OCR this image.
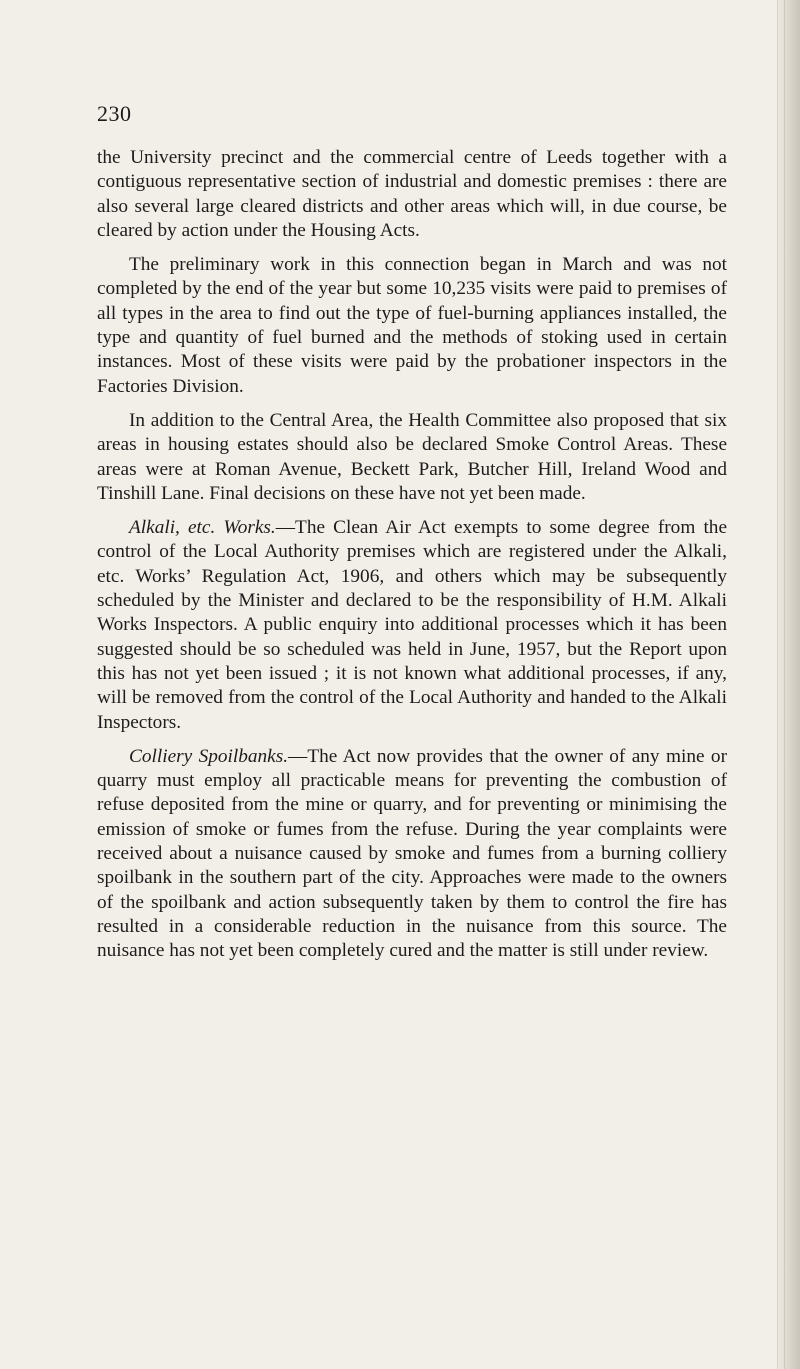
230

the University precinct and the commercial centre of Leeds together with a contiguous representative section of industrial and domestic premises : there are also several large cleared districts and other areas which will, in due course, be cleared by action under the Housing Acts.

The preliminary work in this connection began in March and was not completed by the end of the year but some 10,235 visits were paid to premises of all types in the area to find out the type of fuel-burning appliances installed, the type and quantity of fuel burned and the methods of stoking used in certain instances. Most of these visits were paid by the probationer inspectors in the Factories Division.

In addition to the Central Area, the Health Committee also proposed that six areas in housing estates should also be declared Smoke Control Areas. These areas were at Roman Avenue, Beckett Park, Butcher Hill, Ireland Wood and Tinshill Lane. Final decisions on these have not yet been made.

Alkali, etc. Works.—The Clean Air Act exempts to some degree from the control of the Local Authority premises which are registered under the Alkali, etc. Works’ Regulation Act, 1906, and others which may be subsequently scheduled by the Minister and declared to be the responsibility of H.M. Alkali Works Inspectors. A public enquiry into additional processes which it has been suggested should be so scheduled was held in June, 1957, but the Report upon this has not yet been issued ; it is not known what additional processes, if any, will be removed from the control of the Local Authority and handed to the Alkali Inspectors.

Colliery Spoilbanks.—The Act now provides that the owner of any mine or quarry must employ all practicable means for preventing the combustion of refuse deposited from the mine or quarry, and for preventing or minimising the emission of smoke or fumes from the refuse. During the year complaints were received about a nuisance caused by smoke and fumes from a burning colliery spoilbank in the southern part of the city. Approaches were made to the owners of the spoilbank and action subsequently taken by them to control the fire has resulted in a considerable reduction in the nuisance from this source. The nuisance has not yet been completely cured and the matter is still under review.
